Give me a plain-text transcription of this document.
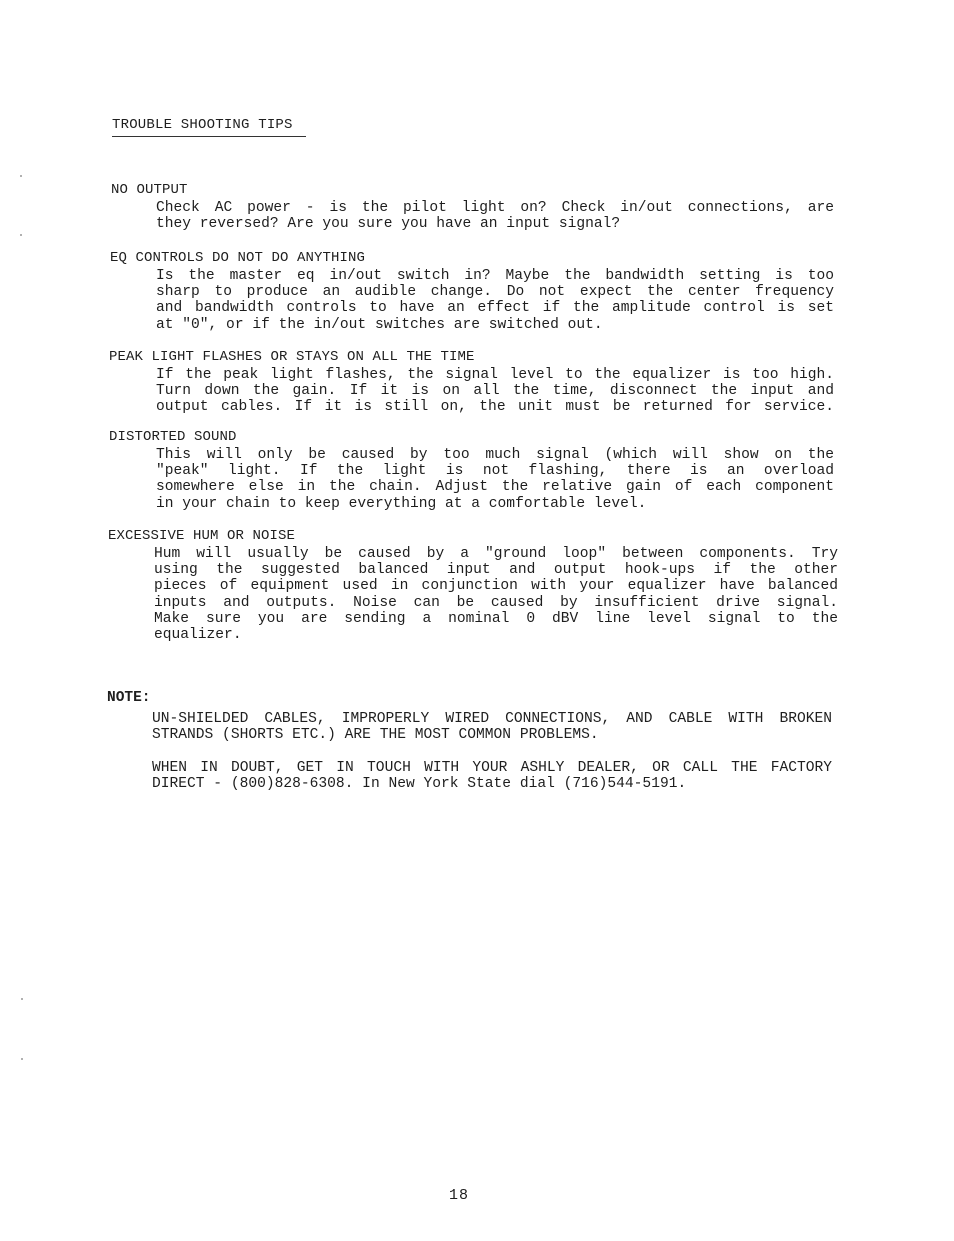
TROUBLE SHOOTING TIPS
NO OUTPUT
Check AC power - is the pilot light on? Check in/out connections, are
they reversed? Are you sure you have an input signal?
EQ CONTROLS DO NOT DO ANYTHING
Is the master eq in/out switch in? Maybe the bandwidth setting is too
sharp to produce an audible change. Do not expect the center frequency
and bandwidth controls to have an effect if the amplitude control is set
at "0", or if the in/out switches are switched out.
PEAK LIGHT FLASHES OR STAYS ON ALL THE TIME
If the peak light flashes, the signal level to the equalizer is too high.
Turn down the gain. If it is on all the time, disconnect the input and
output cables. If it is still on, the unit must be returned for service.
DISTORTED SOUND
This will only be caused by too much signal (which will show on the
"peak" light. If the light is not flashing, there is an overload
somewhere else in the chain. Adjust the relative gain of each component
in your chain to keep everything at a comfortable level.
EXCESSIVE HUM OR NOISE
Hum will usually be caused by a "ground loop" between components. Try
using the suggested balanced input and output hook-ups if the other
pieces of equipment used in conjunction with your equalizer have balanced
inputs and outputs. Noise can be caused by insufficient drive signal.
Make sure you are sending a nominal 0 dBV line level signal to the
equalizer.
NOTE:
UN-SHIELDED CABLES, IMPROPERLY WIRED CONNECTIONS, AND CABLE WITH BROKEN
STRANDS (SHORTS ETC.) ARE THE MOST COMMON PROBLEMS.
WHEN IN DOUBT, GET IN TOUCH WITH YOUR ASHLY DEALER, OR CALL THE FACTORY
DIRECT - (800)828-6308. In New York State dial (716)544-5191.
18
